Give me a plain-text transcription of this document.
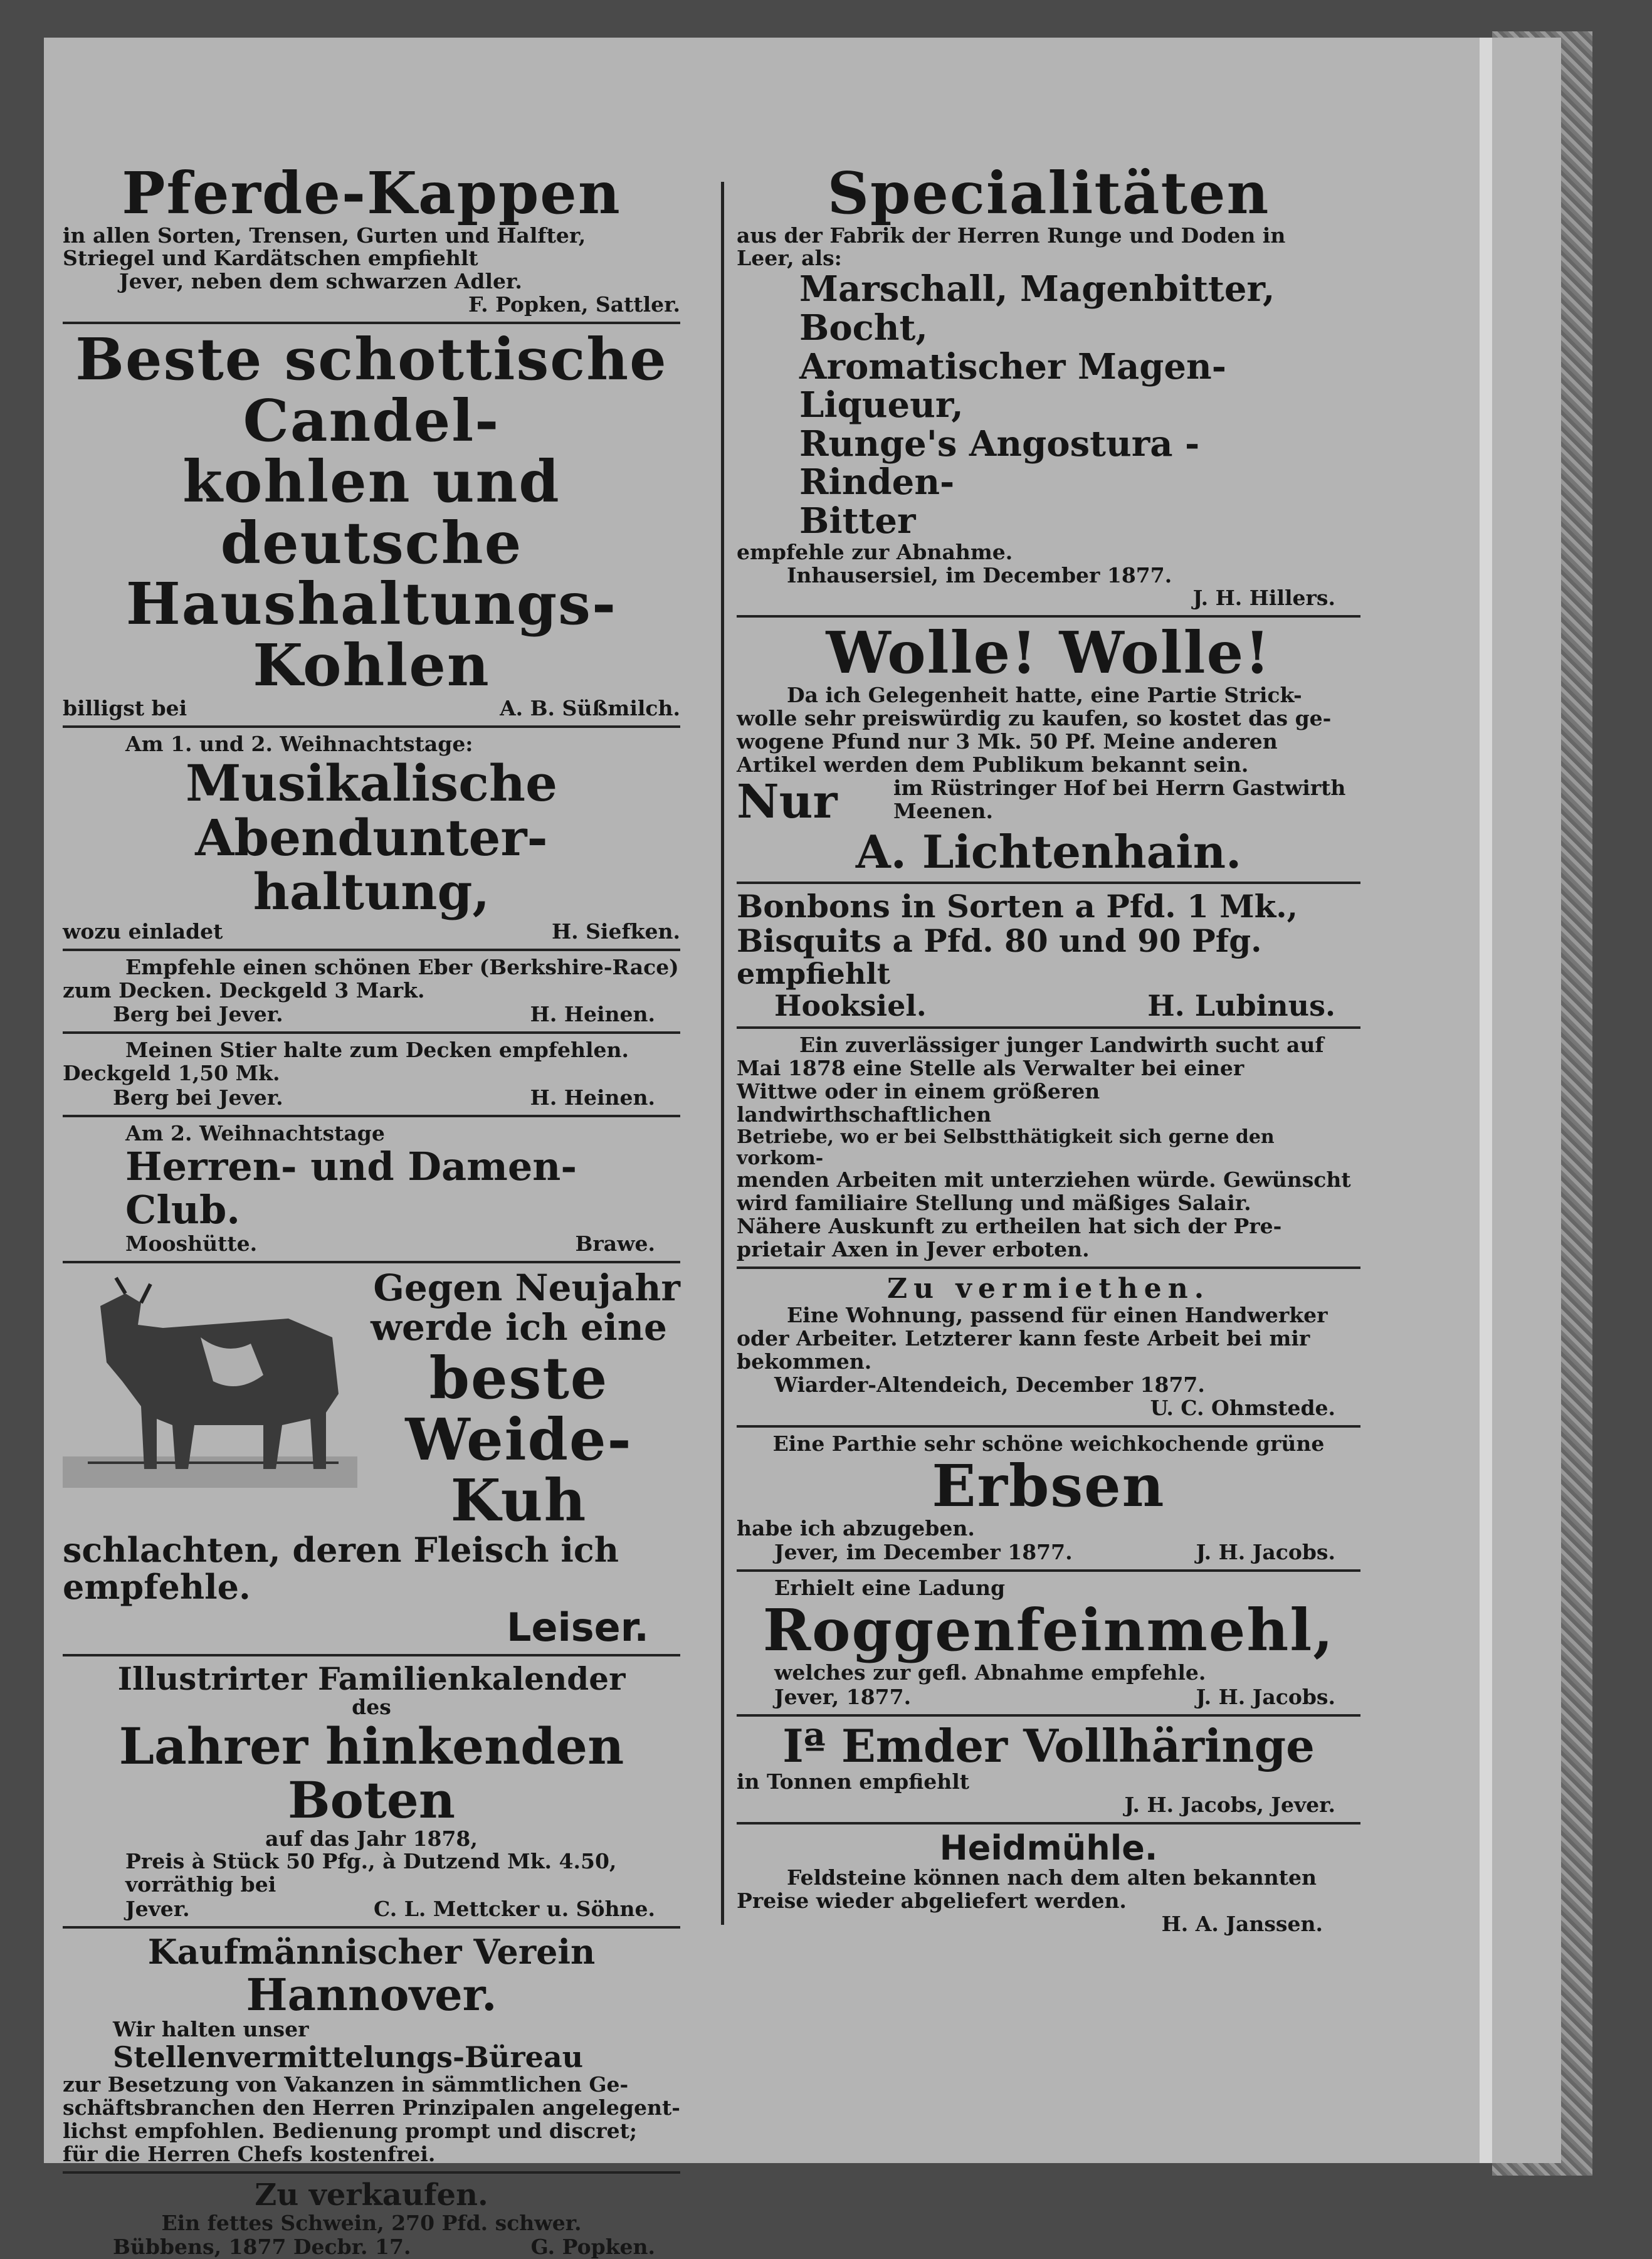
Pferde-Kappen

in allen Sorten, Trensen, Gurten und Halfter,

Striegel und Kardätschen empfiehlt

Jever, neben dem schwarzen Adler.

F. Popken, Sattler.

Beste schottische Candel-

kohlen und deutsche

Haushaltungs-Kohlen

billigst bei	A. B. Süßmilch.

Am 1. und 2. Weihnachtstage:

Musikalische Abendunter-

haltung,

wozu einladet	H. Siefken.

Empfehle einen schönen Eber (Berkshire-Race)

zum Decken. Deckgeld 3 Mark.

Berg bei Jever.	H. Heinen.

Meinen Stier halte zum Decken empfehlen.

Deckgeld 1,50 Mk.

Berg bei Jever.	H. Heinen.

Am 2. Weihnachtstage

Herren- und Damen-Club.

Mooshütte.	Brawe.

Gegen Neujahr

werde ich eine

beste Weide-

Kuh

schlachten, deren Fleisch ich empfehle.

Leiser.

Illustrirter Familienkalender

des

Lahrer hinkenden Boten

auf das Jahr 1878,

Preis à Stück 50 Pfg., à Dutzend Mk. 4.50,

vorräthig bei

Jever.	C. L. Mettcker u. Söhne.

Kaufmännischer Verein

Hannover.

Wir halten unser

Stellenvermittelungs-Büreau

zur Besetzung von Vakanzen in sämmtlichen Ge-

schäftsbranchen den Herren Prinzipalen angelegent-

lichst empfohlen. Bedienung prompt und discret;

für die Herren Chefs kostenfrei.

Zu verkaufen.

Ein fettes Schwein, 270 Pfd. schwer.

Bübbens, 1877 Decbr. 17.	G. Popken.

Specialitäten

aus der Fabrik der Herren Runge und Doden in

Leer, als:

Marschall, Magenbitter, Bocht,

Aromatischer Magen-Liqueur,

Runge's Angostura - Rinden-

Bitter

empfehle zur Abnahme.

Inhausersiel, im December 1877.

J. H. Hillers.

Wolle! Wolle!

Da ich Gelegenheit hatte, eine Partie Strick-

wolle sehr preiswürdig zu kaufen, so kostet das ge-

wogene Pfund nur 3 Mk. 50 Pf. Meine anderen

Artikel werden dem Publikum bekannt sein.

Nur	im Rüstringer Hof bei Herrn Gastwirth

Meenen.

A. Lichtenhain.

Bonbons in Sorten a Pfd. 1 Mk.,

Bisquits a Pfd. 80 und 90 Pfg.

empfiehlt

Hooksiel.	H. Lubinus.

Ein zuverlässiger junger Landwirth sucht auf

Mai 1878 eine Stelle als Verwalter bei einer

Wittwe oder in einem größeren landwirthschaftlichen

Betriebe, wo er bei Selbstthätigkeit sich gerne den vorkom-

menden Arbeiten mit unterziehen würde. Gewünscht

wird familiaire Stellung und mäßiges Salair.

Nähere Auskunft zu ertheilen hat sich der Pre-

prietair Axen in Jever erboten.

Zu vermiethen.

Eine Wohnung, passend für einen Handwerker

oder Arbeiter. Letzterer kann feste Arbeit bei mir

bekommen.

Wiarder-Altendeich, December 1877.

U. C. Ohmstede.

Eine Parthie sehr schöne weichkochende grüne

Erbsen

habe ich abzugeben.

Jever, im December 1877.	J. H. Jacobs.

Erhielt eine Ladung

Roggenfeinmehl,

welches zur gefl. Abnahme empfehle.

Jever, 1877.	J. H. Jacobs.

Iª Emder Vollhäringe

in Tonnen empfiehlt

J. H. Jacobs, Jever.

Heidmühle.

Feldsteine können nach dem alten bekannten

Preise wieder abgeliefert werden.

H. A. Janssen.
